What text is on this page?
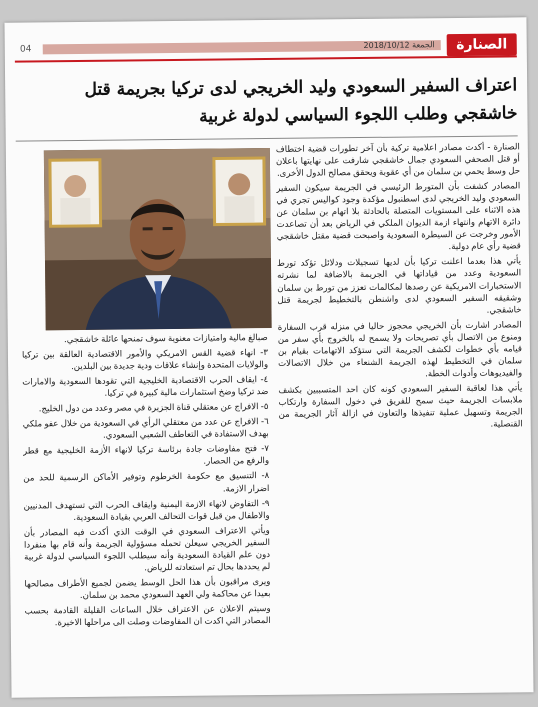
04	الجمعة 2018/10/12	الصنارة
اعتراف السفير السعودي وليد الخريجي لدى تركيا بجريمة قتل خاشقجي وطلب اللجوء السياسي لدولة غربية

الصنارة - أكدت مصادر اعلامية تركية بأن آخر تطورات قضية اختطاف أو قتل الصحفي السعودي جمال خاشقجي شارفت على نهايتها باعلان حل وسط يحمي بن سلمان من أي عقوبة ويحقق مصالح الدول الأخرى.

المصادر كشفت بأن المتورط الرئيسي في الجريمة سيكون السفير السعودي وليد الخريجي لدى اسطنبول مؤكدة وجود كواليس تجري في هذه الاثناء على المستويات المتصلة بالحادثة بلا اتهام بن سلمان عن دائرة الاتهام وانتهاء ازمة الديوان الملكي في الرياض بعد أن تصاعدت الأمور وخرجت عن السيطرة السعودية واصبحت قضية مقتل خاشقجي قضية رأي عام دولية.

يأتي هذا بعدما اعلنت تركيا بأن لديها تسجيلات ودلائل تؤكد تورط السعودية وعدد من قياداتها في الجريمة بالاضافة لما نشرته الاستخبارات الامريكية عن رصدها لمكالمات تعزز من تورط بن سلمان وشقيقه السفير السعودي لدى واشنطن بالتخطيط لجريمة قتل خاشقجي.

المصادر اشارت بأن الخريجي محجوز حاليا في منزله قرب السفارة ومنوع من الاتصال بأي تصريحات ولا يسمح له بالخروج بأي سفر من قيامه بأي خطوات لكشف الجريمة التي ستؤكد الاتهامات بقيام بن سلمان في التخطيط لهذه الجريمة الشنعاء من خلال الاتصالات والفيديوهات وأدوات الخطة.

يأتي هذا لعاقبة السفير السعودي كونه كان احد المتسببين بكشف ملابسات الجريمة حيث سمح للفريق في دخول السفارة وارتكاب الجريمة وتسهيل عملية تنفيذها والتعاون في ازالة آثار الجريمة من القنصلية.

صبالغ مالية وامتيازات معنوية سوف تمنحها عائلة خاشقجي.

٣- انهاء قضية القس الامريكي والأمور الاقتصادية العالقة بين تركيا والولايات المتحدة وإنشاء علاقات ودية جديدة بين البلدين.

٤- ايقاف الحرب الاقتصادية الخليجية التي تقودها السعودية والامارات ضد تركيا وضخ استثمارات مالية كبيرة في تركيا.

٥- الافراج عن معتقلي قناة الجزيرة في مصر وعدد من دول الخليج.

٦- الافراج عن عدد من معتقلي الرأي في السعودية من خلال عفو ملكي بهدف الاستفادة في التعاطف الشعبي السعودي.

٧- فتح مفاوضات جادة برئاسة تركيا لانهاء الأزمة الخليجية مع قطر والرفع من الحصار.

٨- التنسيق مع حكومة الخرطوم وتوفير الأماكن الرسمية للحد من اضرار الازمة.

٩- التفاوض لانهاء الازمة اليمنية وايقاف الحرب التي تستهدف المدنيين والاطفال من قبل قوات التحالف العربي بقيادة السعودية.

ويأتي الاعتراف السعودي في الوقت الذي أكدت فيه المصادر بأن السفير الخريجي سيعلن تحمله مسؤولية الجريمة وأنه قام بها منفردا دون علم القيادة السعودية وأنه سيطلب اللجوء السياسي لدولة غربية لم يحددها بحال تم استعادته للرياض.

ويرى مراقبون بأن هذا الحل الوسط يضمن لجميع الأطراف مصالحها بعيدا عن محاكمة ولي العهد السعودي محمد بن سلمان.

وسيتم الاعلان عن الاعتراف خلال الساعات القليلة القادمة بحسب المصادر التي اكدت ان المفاوضات وصلت الى مراحلها الاخيرة.
